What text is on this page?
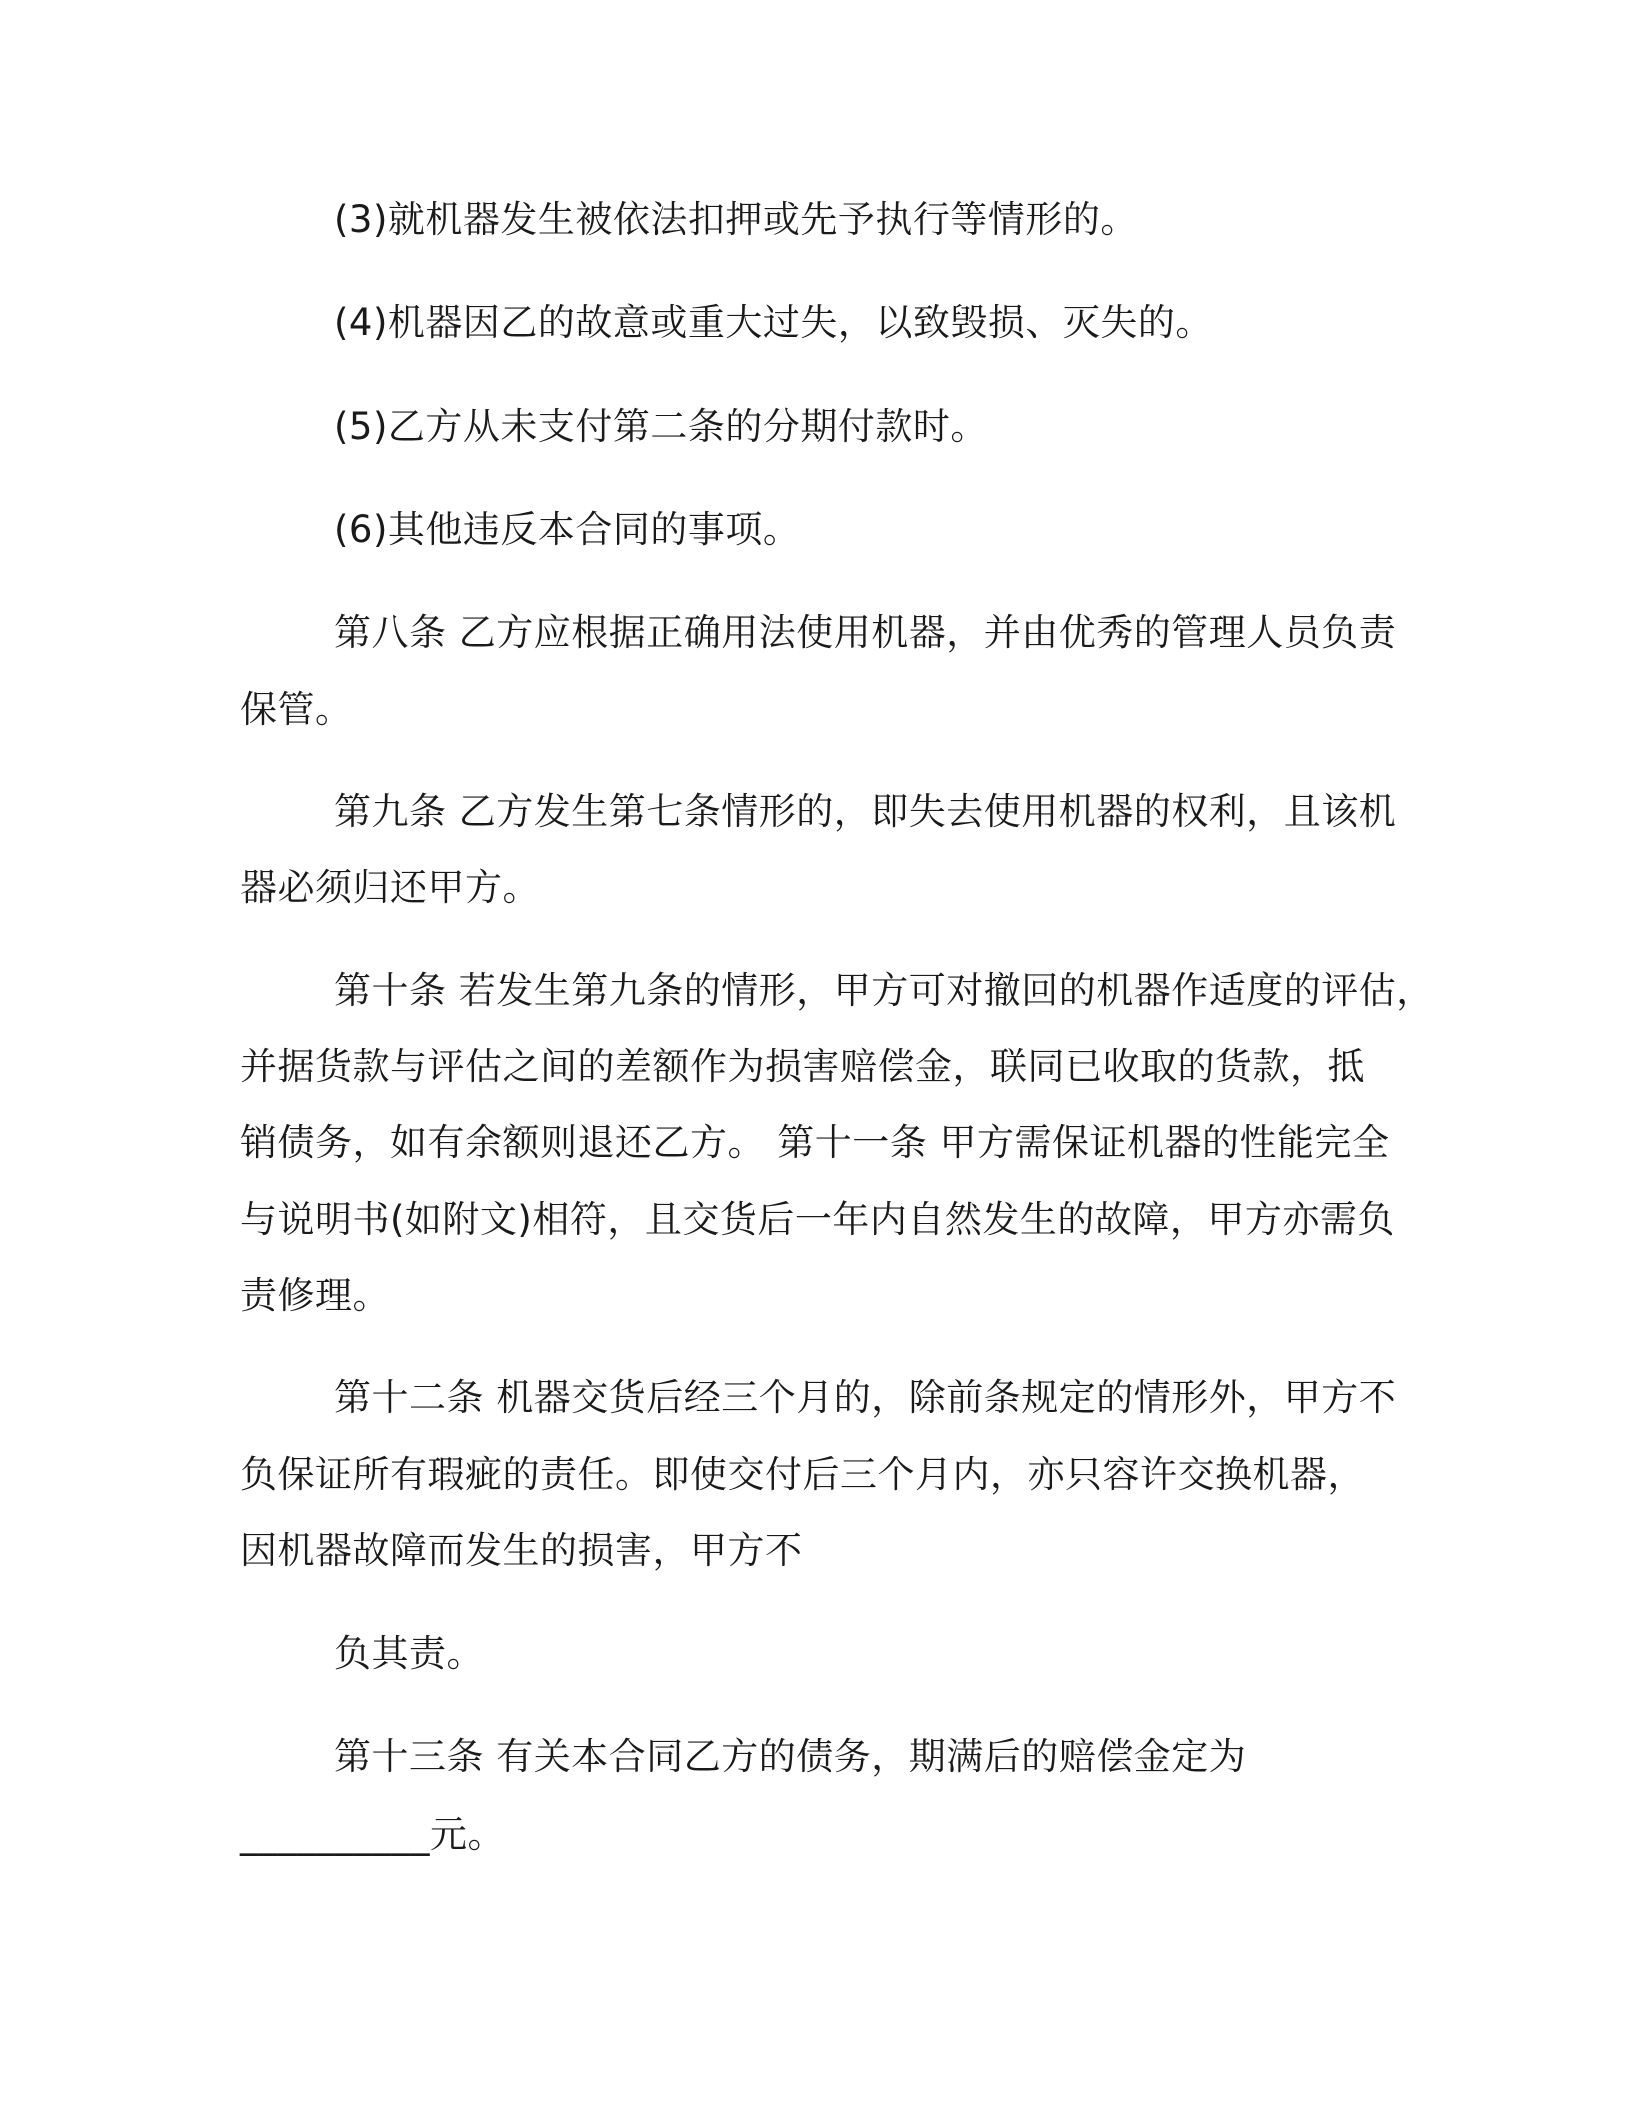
(3)就机器发生被依法扣押或先予执行等情形的。
(4)机器因乙的故意或重大过失，以致毁损、灭失的。
(5)乙方从未支付第二条的分期付款时。
(6)其他违反本合同的事项。
第八条 乙方应根据正确用法使用机器，并由优秀的管理人员负责
保管。
第九条 乙方发生第七条情形的，即失去使用机器的权利，且该机
器必须归还甲方。
第十条 若发生第九条的情形，甲方可对撤回的机器作适度的评估，
并据货款与评估之间的差额作为损害赔偿金，联同已收取的货款，抵
销债务，如有余额则退还乙方。 第十一条 甲方需保证机器的性能完全
与说明书(如附文)相符，且交货后一年内自然发生的故障，甲方亦需负
责修理。
第十二条 机器交货后经三个月的，除前条规定的情形外，甲方不
负保证所有瑕疵的责任。即使交付后三个月内，亦只容许交换机器，
因机器故障而发生的损害，甲方不
负其责。
第十三条 有关本合同乙方的债务，期满后的赔偿金定为
__________元。
